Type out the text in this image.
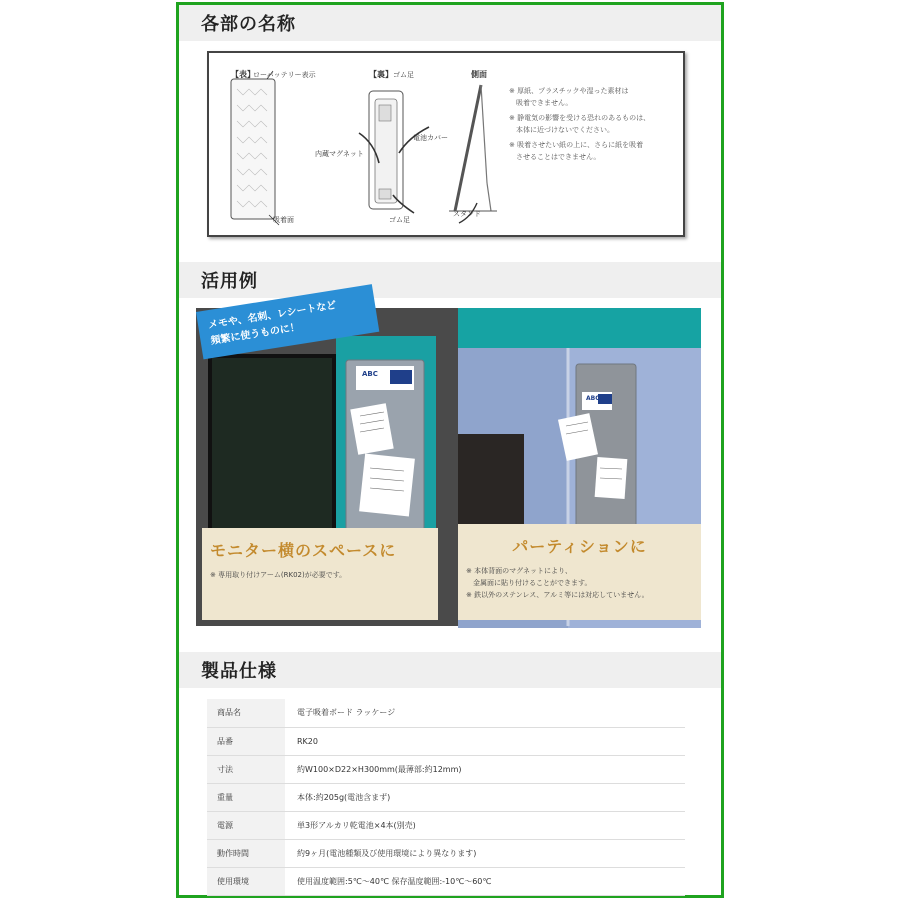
各部の名称
【表】
ローバッテリー表示	【裏】 ゴム足	側面
内蔵マグネット
電池カバー
ゴム足
吸着面
スタンド

※ 厚紙、プラスチックや湿った素材は
　吸着できません。

※ 静電気の影響を受ける恐れのあるものは、
　本体に近づけないでください。

※ 吸着させたい紙の上に、さらに紙を吸着
　させることはできません。

活用例
ABC
メモや、名刺、レシートなど
頻繁に使うものに！
モニター横のスペースに
※ 専用取り付けアーム(RK02)が必要です。
ABC
パーティションに
※ 本体背面のマグネットにより、
　金属面に貼り付けることができます。
※ 鉄以外のステンレス、アルミ等には対応していません。
製品仕様
商品名	電子吸着ボード ラッケージ
品番	RK20
寸法	約W100×D22×H300mm(最薄部:約12mm)
重量	本体:約205g(電池含まず)
電源	単3形アルカリ乾電池×4本(別売)
動作時間	約9ヶ月(電池種類及び使用環境により異なります)
使用環境	使用温度範囲:5℃〜40℃ 保存温度範囲:-10℃〜60℃
